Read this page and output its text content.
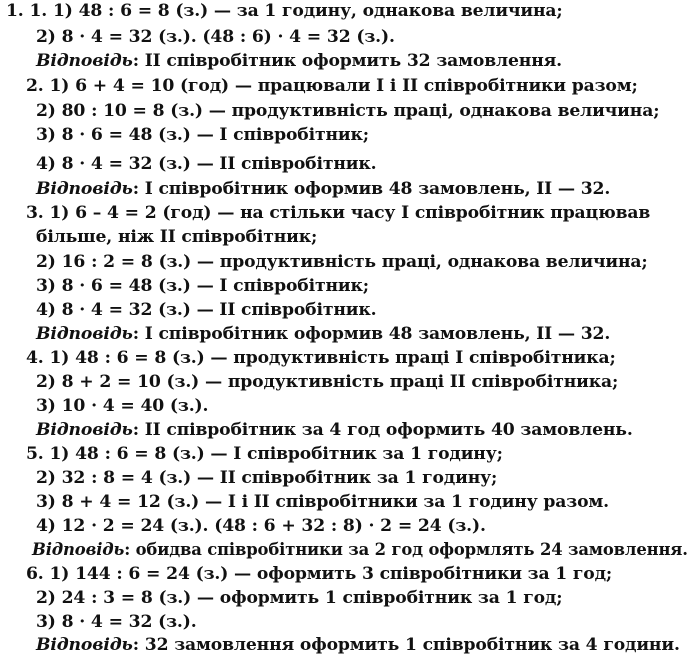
1. 1. 1) 48 : 6 = 8 (з.) — за 1 годину, однакова величина;
2) 8 · 4 = 32 (з.). (48 : 6) · 4 = 32 (з.).
Відповідь: ІІ співробітник оформить 32 замовлення.
2. 1) 6 + 4 = 10 (год) — працювали І і ІІ співробітники разом;
2) 80 : 10 = 8 (з.) — продуктивність праці, однакова величина;
3) 8 · 6 = 48 (з.) — І співробітник;
4) 8 · 4 = 32 (з.) — ІІ співробітник.
Відповідь: І співробітник оформив 48 замовлень, ІІ — 32.
3. 1) 6 – 4 = 2 (год) — на стільки часу І співробітник працював
більше, ніж ІІ співробітник;
2) 16 : 2 = 8 (з.) — продуктивність праці, однакова величина;
3) 8 · 6 = 48 (з.) — І співробітник;
4) 8 · 4 = 32 (з.) — ІІ співробітник.
Відповідь: І співробітник оформив 48 замовлень, ІІ — 32.
4. 1) 48 : 6 = 8 (з.) — продуктивність праці І співробітника;
2) 8 + 2 = 10 (з.) — продуктивність праці ІІ співробітника;
3) 10 · 4 = 40 (з.).
Відповідь: ІІ співробітник за 4 год оформить 40 замовлень.
5. 1) 48 : 6 = 8 (з.) — І співробітник за 1 годину;
2) 32 : 8 = 4 (з.) — ІІ співробітник за 1 годину;
3) 8 + 4 = 12 (з.) — І і ІІ співробітники за 1 годину разом.
4) 12 · 2 = 24 (з.). (48 : 6 + 32 : 8) · 2 = 24 (з.).
Відповідь: обидва співробітники за 2 год оформлять 24 замовлення.
6. 1) 144 : 6 = 24 (з.) — оформить 3 співробітники за 1 год;
2) 24 : 3 = 8 (з.) — оформить 1 співробітник за 1 год;
3) 8 · 4 = 32 (з.).
Відповідь: 32 замовлення оформить 1 співробітник за 4 години.
